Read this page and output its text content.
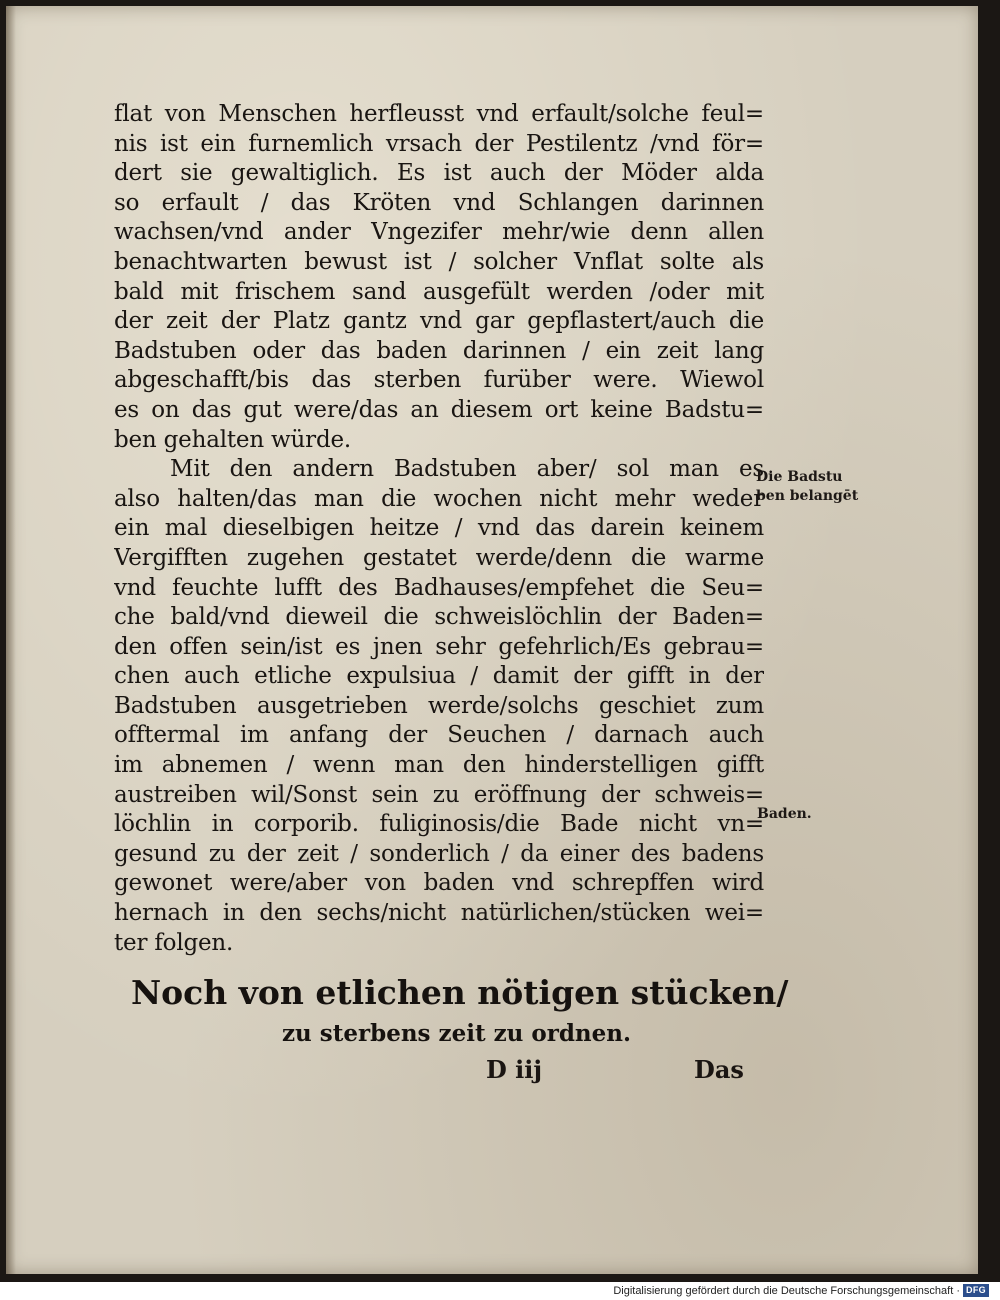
flat von Menschen herfleusst vnd erfault/solche feul=
nis ist ein furnemlich vrsach der Pestilentz /vnd för=
dert sie gewaltiglich. Es ist auch der Möder alda
so erfault / das Kröten vnd Schlangen darinnen
wachsen/vnd ander Vngezifer mehr/wie denn allen
benachtwarten bewust ist / solcher Vnflat solte als
bald mit frischem sand ausgefült werden /oder mit
der zeit der Platz gantz vnd gar gepflastert/auch die
Badstuben oder das baden darinnen / ein zeit lang
abgeschafft/bis das sterben furüber were. Wiewol
es on das gut were/das an diesem ort keine Badstu=
ben gehalten würde.
Mit den andern Badstuben aber/ sol man es
also halten/das man die wochen nicht mehr weder
ein mal dieselbigen heitze / vnd das darein keinem
Vergifften zugehen gestatet werde/denn die warme
vnd feuchte lufft des Badhauses/empfehet die Seu=
che bald/vnd dieweil die schweislöchlin der Baden=
den offen sein/ist es jnen sehr gefehrlich/Es gebrau=
chen auch etliche expulsiua / damit der gifft in der
Badstuben ausgetrieben werde/solchs geschiet zum
offtermal im anfang der Seuchen / darnach auch
im abnemen / wenn man den hinderstelligen gifft
austreiben wil/Sonst sein zu eröffnung der schweis=
löchlin in corporib. fuliginosis/die Bade nicht vn=
gesund zu der zeit / sonderlich / da einer des badens
gewonet were/aber von baden vnd schrepffen wird
hernach in den sechs/nicht natürlichen/stücken wei=
ter folgen.
Die Badstu
ben belangēt
Baden.
Noch von etlichen nötigen stücken/
zu sterbens zeit zu ordnen.
D iij	Das
Digitalisierung gefördert durch die Deutsche Forschungsgemeinschaft · DFG
